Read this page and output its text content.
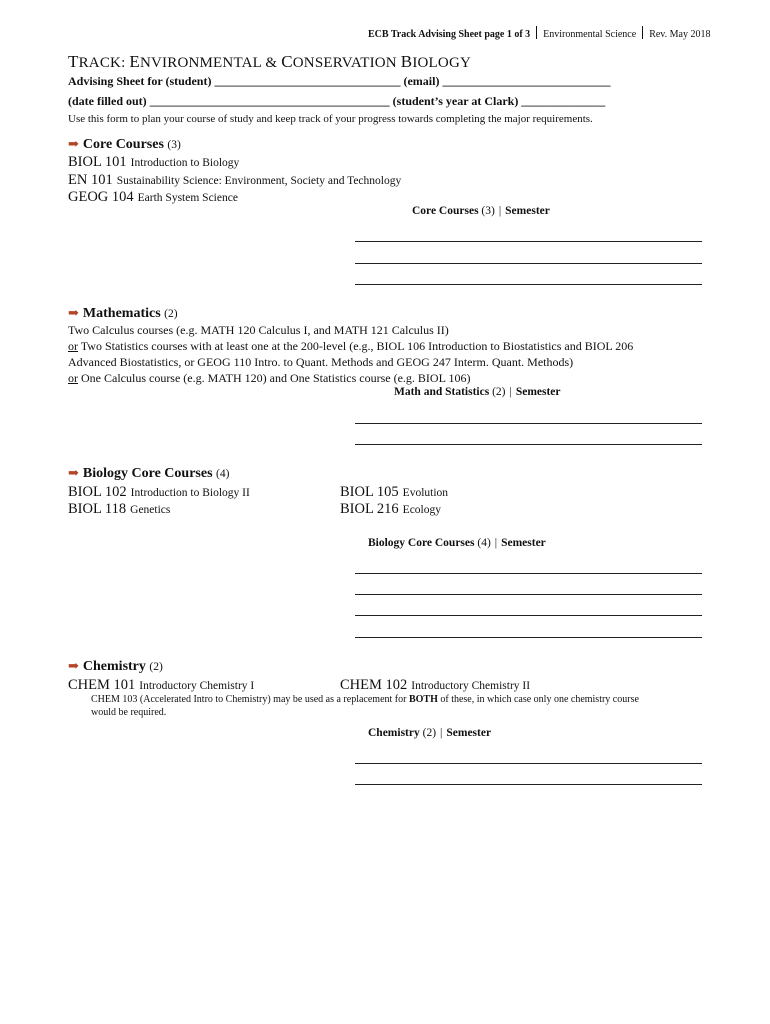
ECB Track Advising Sheet page 1 of 3 Environmental Science Rev. May 2018
TRACK: ENVIRONMENTAL & CONSERVATION BIOLOGY
Advising Sheet for (student) _______________________________ (email) ____________________________
(date filled out) ________________________________________ (student’s year at Clark) ______________
Use this form to plan your course of study and keep track of your progress towards completing the major requirements.
➡ Core Courses (3)
BIOL 101 Introduction to Biology
EN 101 Sustainability Science: Environment, Society and Technology
GEOG 104 Earth System Science
Core Courses (3) | Semester
➡ Mathematics (2)
Two Calculus courses (e.g. MATH 120 Calculus I, and MATH 121 Calculus II)
or Two Statistics courses with at least one at the 200-level (e.g., BIOL 106 Introduction to Biostatistics and BIOL 206
Advanced Biostatistics, or GEOG 110 Intro. to Quant. Methods and GEOG 247 Interm. Quant. Methods)
or One Calculus course (e.g. MATH 120) and One Statistics course (e.g. BIOL 106)
Math and Statistics (2) | Semester
➡ Biology Core Courses (4)
BIOL 102 Introduction to Biology II	BIOL 105 Evolution
BIOL 118 Genetics	BIOL 216 Ecology
Biology Core Courses (4) | Semester
➡ Chemistry (2)
CHEM 101 Introductory Chemistry I	CHEM 102 Introductory Chemistry II
CHEM 103 (Accelerated Intro to Chemistry) may be used as a replacement for BOTH of these, in which case only one chemistry course
would be required.
Chemistry (2) | Semester
